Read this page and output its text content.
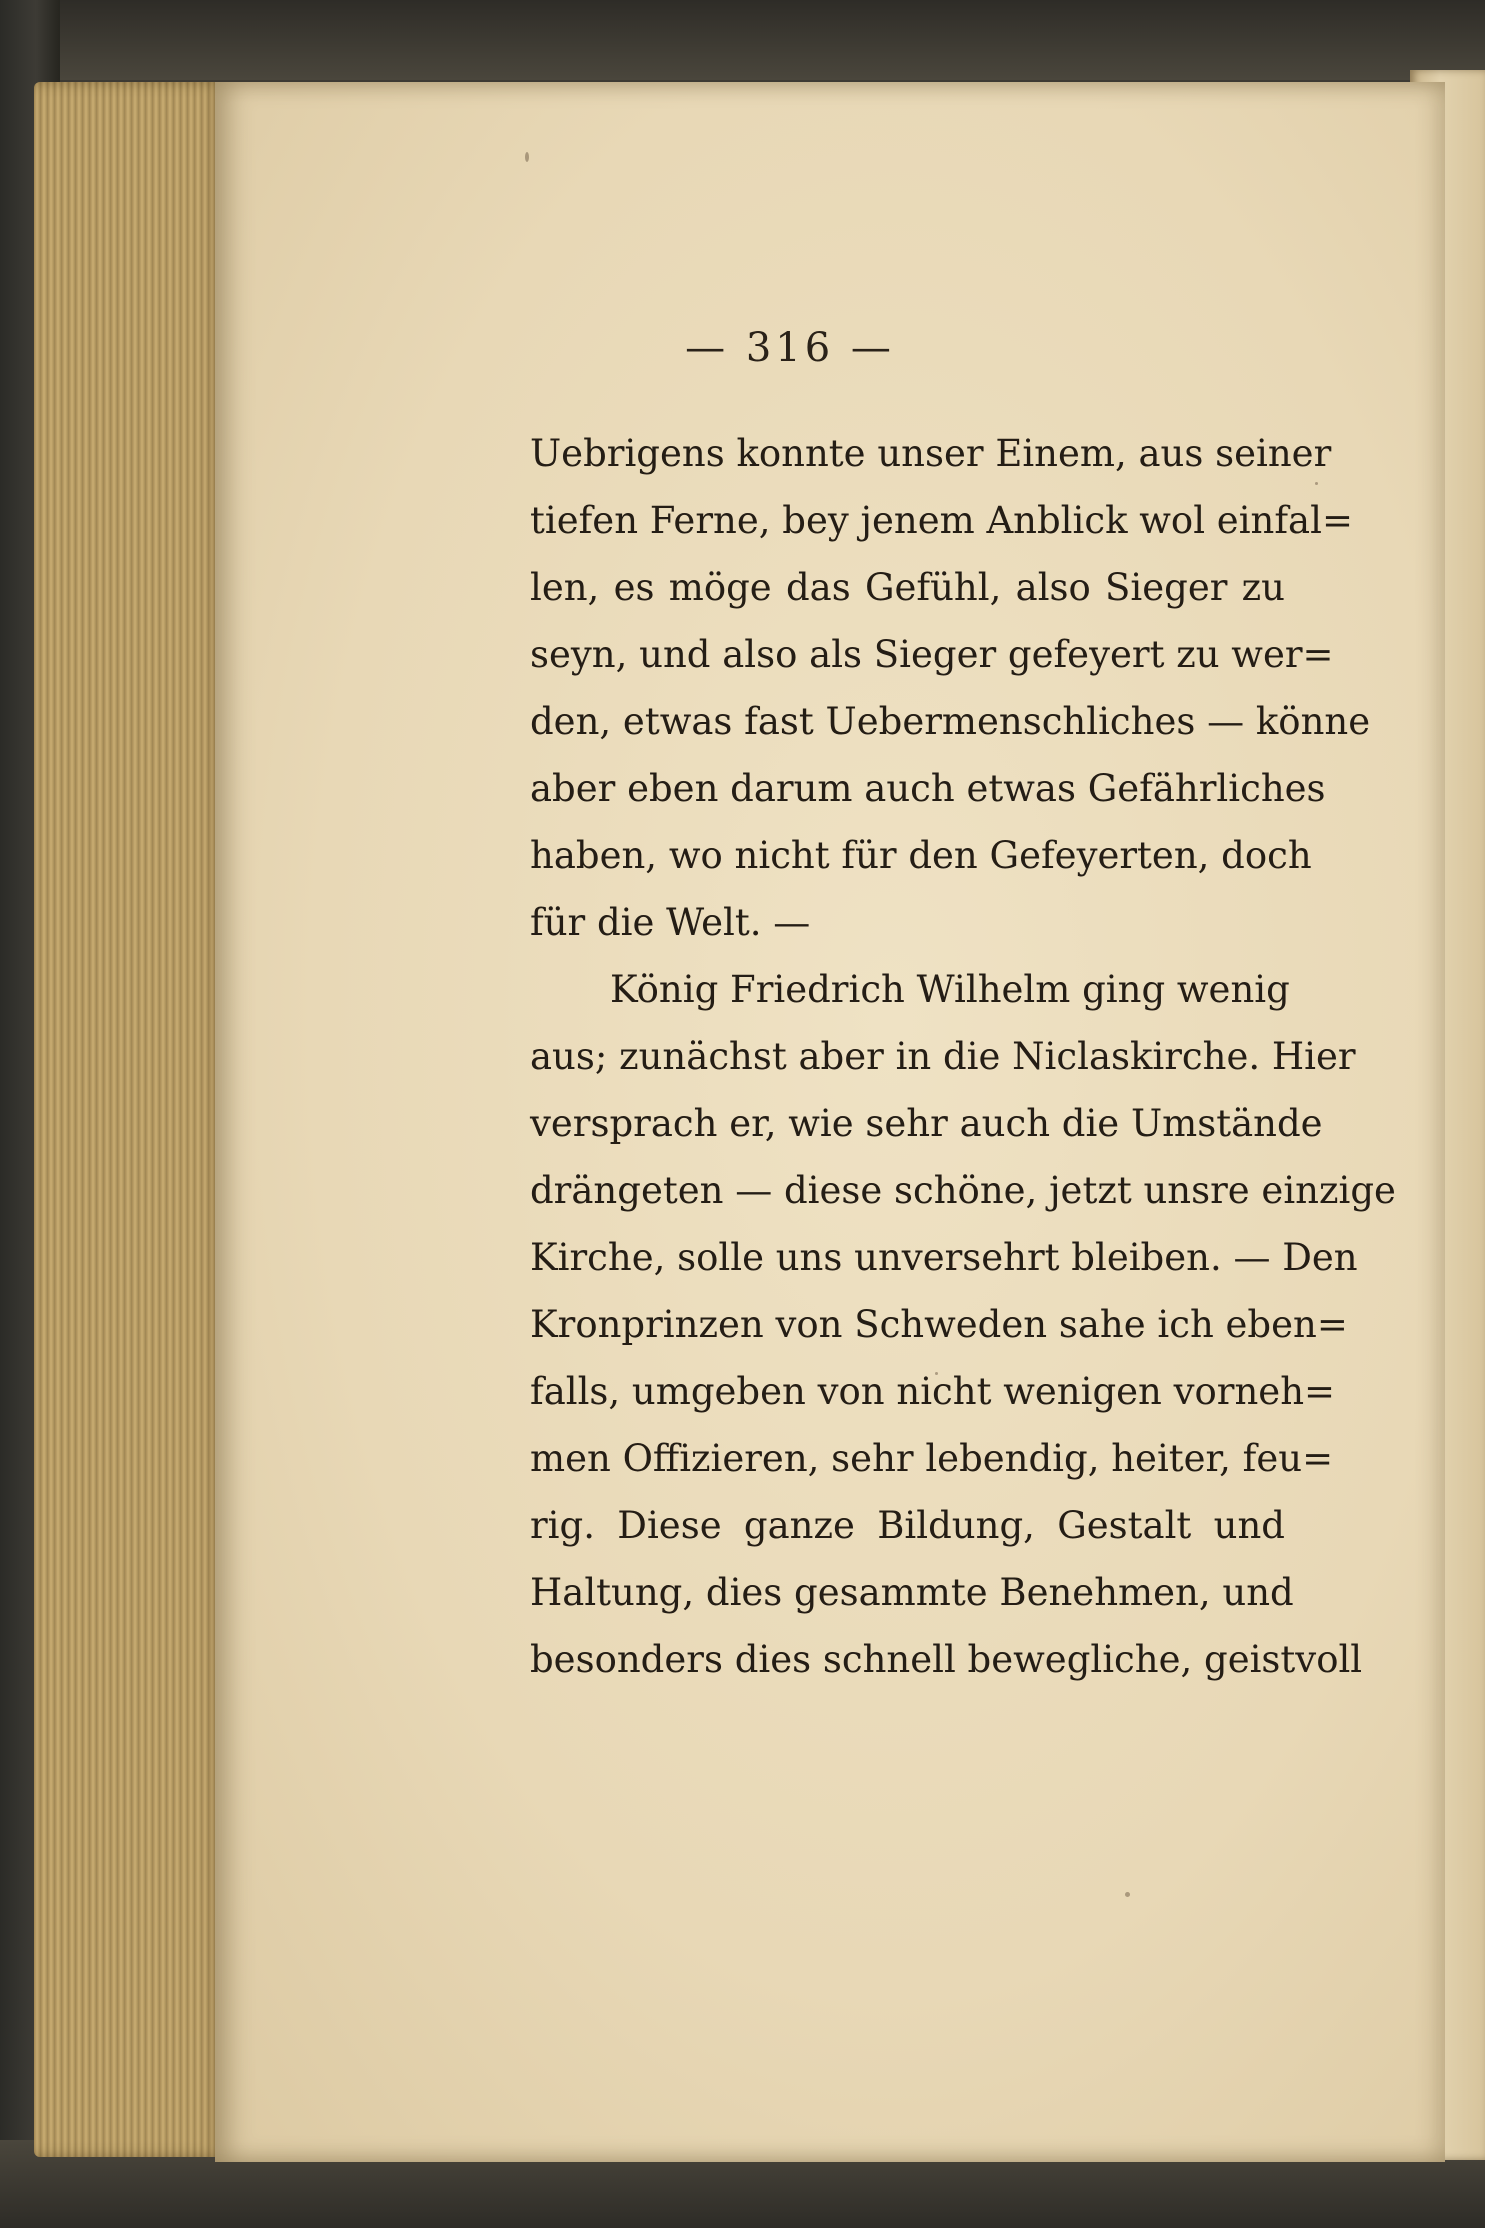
— 316 —
Uebrigens konnte unser Einem, aus seiner
tiefen Ferne, bey jenem Anblick wol einfal=
len, es möge das Gefühl, also Sieger zu
seyn, und also als Sieger gefeyert zu wer=
den, etwas fast Uebermenschliches — könne
aber eben darum auch etwas Gefährliches
haben, wo nicht für den Gefeyerten, doch
für die Welt. —
König Friedrich Wilhelm ging wenig
aus; zunächst aber in die Niclaskirche. Hier
versprach er, wie sehr auch die Umstände
drängeten — diese schöne, jetzt unsre einzige
Kirche, solle uns unversehrt bleiben. — Den
Kronprinzen von Schweden sahe ich eben=
falls, umgeben von nicht wenigen vorneh=
men Offizieren, sehr lebendig, heiter, feu=
rig. Diese ganze Bildung, Gestalt und
Haltung, dies gesammte Benehmen, und
besonders dies schnell bewegliche, geistvoll
